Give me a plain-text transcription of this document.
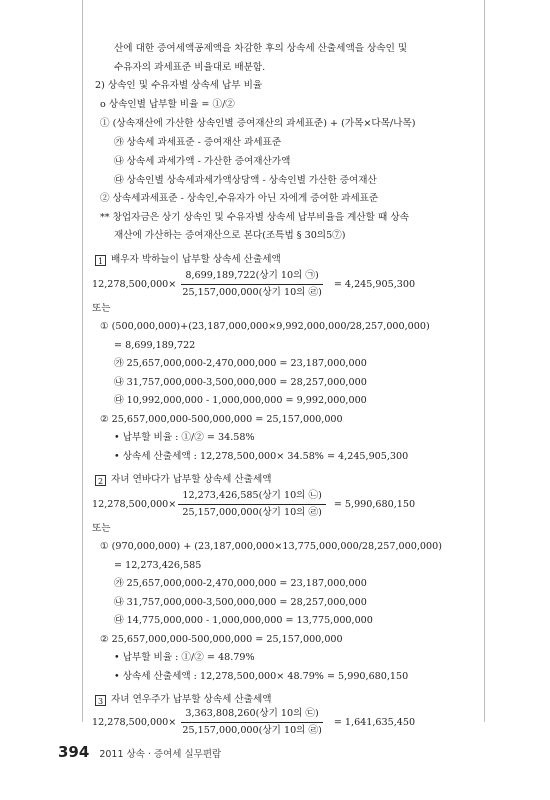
산에 대한 증여세액공제액을 차감한 후의 상속세 산출세액을 상속인 및
수유자의 과세표준 비율대로 배분함.
2) 상속인 및 수유자별 상속세 납부 비율
o 상속인별 납부할 비율 = ①/②
① (상속재산에 가산한 상속인별 증여재산의 과세표준) + (가목×다목/나목)
㉮ 상속세 과세표준 - 증여재산 과세표준
㉯ 상속세 과세가액 - 가산한 증여재산가액
㉰ 상속인별 상속세과세가액상당액 - 상속인별 가산한 증여재산
② 상속세과세표준 - 상속인,수유자가 아닌 자에게 증여한 과세표준
** 창업자금은 상기 상속인 및 수유자별 상속세 납부비율을 계산할 때 상속
재산에 가산하는 증여재산으로 본다(조특법 § 30의5⑦)
1 배우자 박하늘이 납부할 상속세 산출세액
$12,278,500,000\times \frac{\text{8,699,189,722(상기 10의 ㉠)}}{\text{25,157,000,000(상기 10의 ㉣)}} = 4,245,905,300$
또는
① (500,000,000)+(23,187,000,000×9,992,000,000/28,257,000,000)
= 8,699,189,722
㉮ 25,657,000,000-2,470,000,000 = 23,187,000,000
㉯ 31,757,000,000-3,500,000,000 = 28,257,000,000
㉰ 10,992,000,000 - 1,000,000,000 = 9,992,000,000
② 25,657,000,000-500,000,000 = 25,157,000,000
• 납부할 비율 : ①/② = 34.58%
• 상속세 산출세액 : 12,278,500,000× 34.58% = 4,245,905,300
2 자녀 연바다가 납부할 상속세 산출세액
$12,278,500,000\times \frac{\text{12,273,426,585(상기 10의 ㉡)}}{\text{25,157,000,000(상기 10의 ㉣)}} = 5,990,680,150$
또는
① (970,000,000) + (23,187,000,000×13,775,000,000/28,257,000,000)
= 12,273,426,585
㉮ 25,657,000,000-2,470,000,000 = 23,187,000,000
㉯ 31,757,000,000-3,500,000,000 = 28,257,000,000
㉰ 14,775,000,000 - 1,000,000,000 = 13,775,000,000
② 25,657,000,000-500,000,000 = 25,157,000,000
• 납부할 비율 : ①/② = 48.79%
• 상속세 산출세액 : 12,278,500,000× 48.79% = 5,990,680,150
3 자녀 연우주가 납부할 상속세 산출세액
$12,278,500,000\times \frac{\text{3,363,808,260(상기 10의 ㉢)}}{\text{25,157,000,000(상기 10의 ㉣)}} = 1,641,635,450$
394 2011 상속 · 증여세 실무편람
